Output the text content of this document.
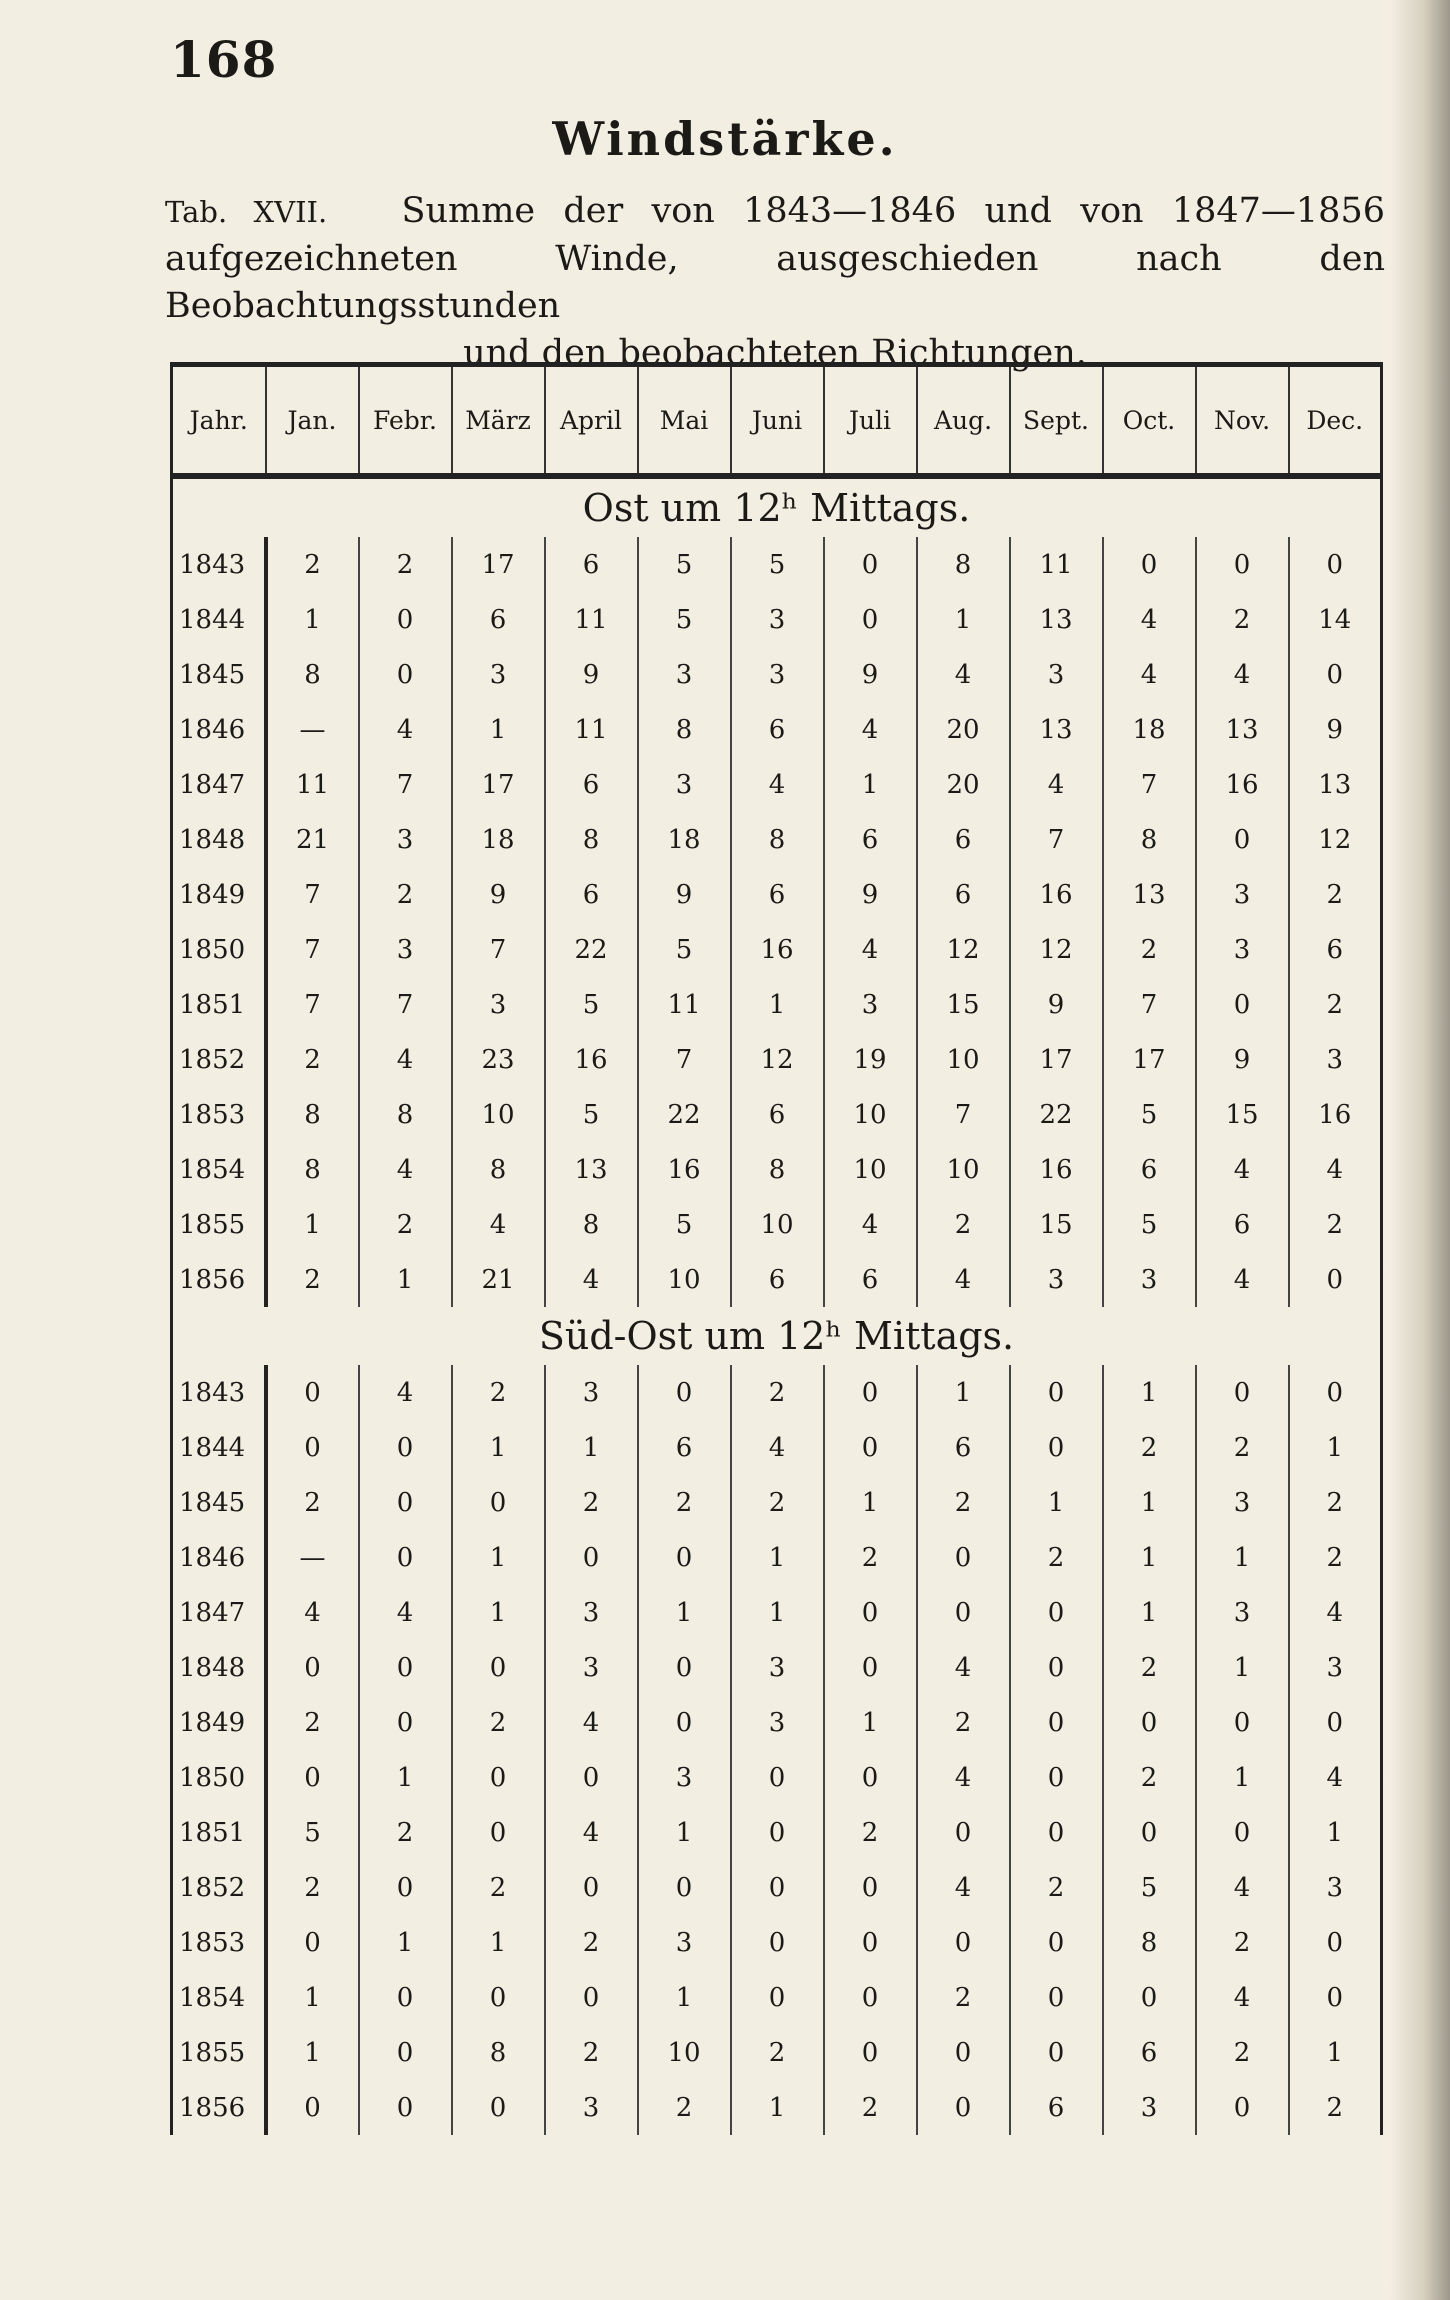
168
Windstärke.
Tab. XVII. Summe der von 1843—1846 und von 1847—1856 aufgezeichneten Winde, ausgeschieden nach den Beobachtungsstunden
und den beobachteten Richtungen.
Jahr.	Jan.	Febr.	März	April	Mai	Juni	Juli	Aug.	Sept.	Oct.	Nov.	Dec.
Ost um 12ʰ Mittags.												
1843	2	2	17	6	5	5	0	8	11	0	0	0
1844	1	0	6	11	5	3	0	1	13	4	2	14
1845	8	0	3	9	3	3	9	4	3	4	4	0
1846	—	4	1	11	8	6	4	20	13	18	13	9
1847	11	7	17	6	3	4	1	20	4	7	16	13
1848	21	3	18	8	18	8	6	6	7	8	0	12
1849	7	2	9	6	9	6	9	6	16	13	3	2
1850	7	3	7	22	5	16	4	12	12	2	3	6
1851	7	7	3	5	11	1	3	15	9	7	0	2
1852	2	4	23	16	7	12	19	10	17	17	9	3
1853	8	8	10	5	22	6	10	7	22	5	15	16
1854	8	4	8	13	16	8	10	10	16	6	4	4
1855	1	2	4	8	5	10	4	2	15	5	6	2
1856	2	1	21	4	10	6	6	4	3	3	4	0
Süd-Ost um 12ʰ Mittags.												
1843	0	4	2	3	0	2	0	1	0	1	0	0
1844	0	0	1	1	6	4	0	6	0	2	2	1
1845	2	0	0	2	2	2	1	2	1	1	3	2
1846	—	0	1	0	0	1	2	0	2	1	1	2
1847	4	4	1	3	1	1	0	0	0	1	3	4
1848	0	0	0	3	0	3	0	4	0	2	1	3
1849	2	0	2	4	0	3	1	2	0	0	0	0
1850	0	1	0	0	3	0	0	4	0	2	1	4
1851	5	2	0	4	1	0	2	0	0	0	0	1
1852	2	0	2	0	0	0	0	4	2	5	4	3
1853	0	1	1	2	3	0	0	0	0	8	2	0
1854	1	0	0	0	1	0	0	2	0	0	4	0
1855	1	0	8	2	10	2	0	0	0	6	2	1
1856	0	0	0	3	2	1	2	0	6	3	0	2
